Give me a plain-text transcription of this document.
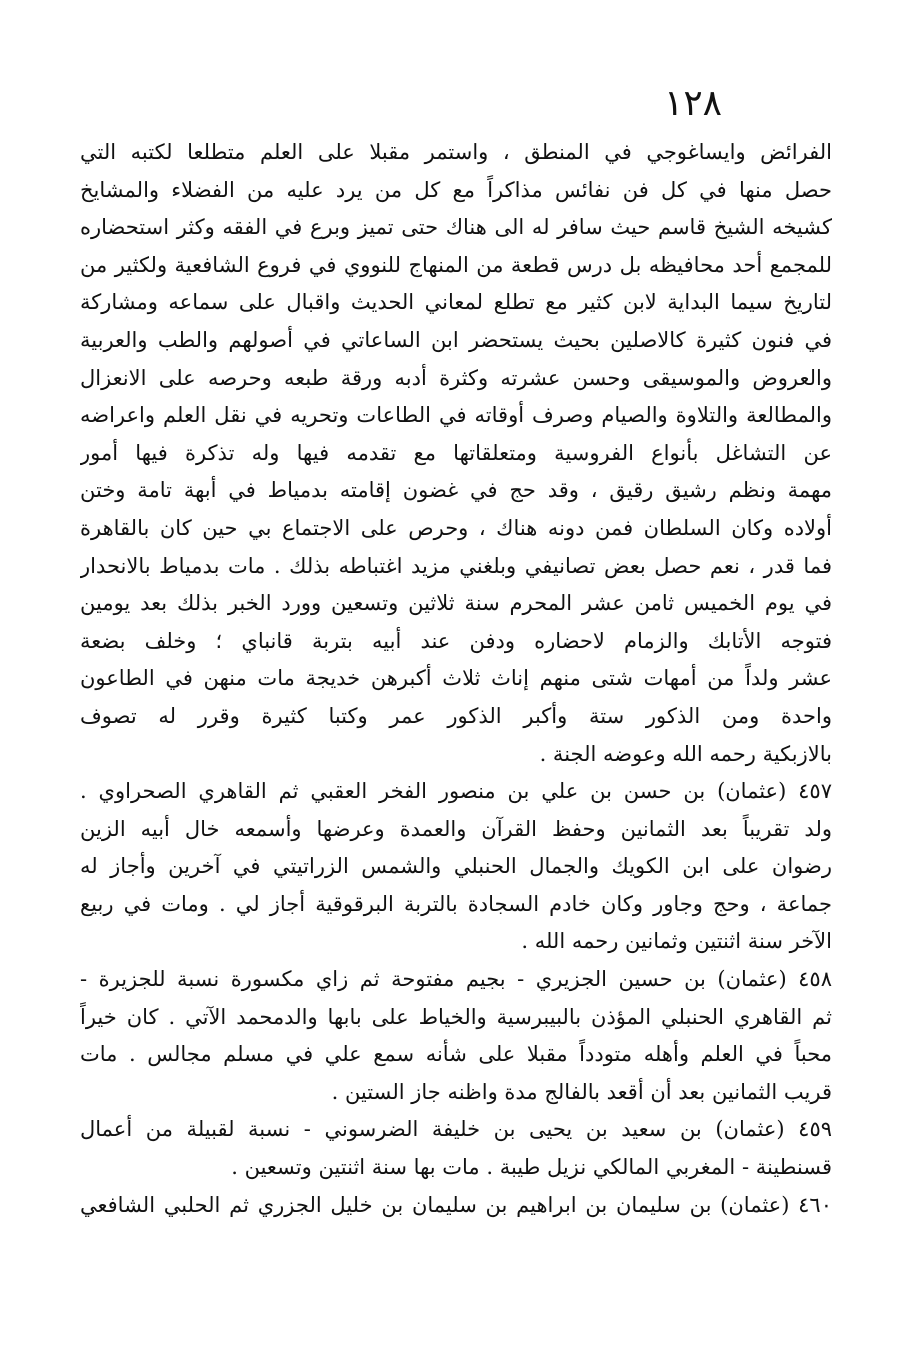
١٢٨
الفرائض وايساغوجي في المنطق ، واستمر مقبلا على العلم متطلعا لكتبه التي
حصل منها في كل فن نفائس مذاكراً مع كل من يرد عليه من الفضلاء والمشايخ
كشيخه الشيخ قاسم حيث سافر له الى هناك حتى تميز وبرع في الفقه وكثر استحضاره
للمجمع أحد محافيظه بل درس قطعة من المنهاج للنووي في فروع الشافعية ولكثير من
لتاريخ سيما البداية لابن كثير مع تطلع لمعاني الحديث واقبال على سماعه ومشاركة
في فنون كثيرة كالاصلين بحيث يستحضر ابن الساعاتي في أصولهم والطب والعربية
والعروض والموسيقى وحسن عشرته وكثرة أدبه ورقة طبعه وحرصه على الانعزال
والمطالعة والتلاوة والصيام وصرف أوقاته في الطاعات وتحريه في نقل العلم واعراضه
عن التشاغل بأنواع الفروسية ومتعلقاتها مع تقدمه فيها وله تذكرة فيها أمور
مهمة ونظم رشيق رقيق ، وقد حج في غضون إقامته بدمياط في أبهة تامة وختن
أولاده وكان السلطان فمن دونه هناك ، وحرص على الاجتماع بي حين كان بالقاهرة
فما قدر ، نعم حصل بعض تصانيفي وبلغني مزيد اغتباطه بذلك . مات بدمياط بالانحدار
في يوم الخميس ثامن عشر المحرم سنة ثلاثين وتسعين وورد الخبر بذلك بعد يومين
فتوجه الأتابك والزمام لاحضاره ودفن عند أبيه بتربة قانباي ؛ وخلف بضعة
عشر ولداً من أمهات شتى منهم إناث ثلاث أكبرهن خديجة مات منهن في الطاعون
واحدة ومن الذكور ستة وأكبر الذكور عمر وكتبا كثيرة وقرر له تصوف
بالازبكية رحمه الله وعوضه الجنة .
٤٥٧ (عثمان) بن حسن بن علي بن منصور الفخر العقبي ثم القاهري الصحراوي .
ولد تقريباً بعد الثمانين وحفظ القرآن والعمدة وعرضها وأسمعه خال أبيه الزين
رضوان على ابن الكويك والجمال الحنبلي والشمس الزراتيتي في آخرين وأجاز له
جماعة ، وحج وجاور وكان خادم السجادة بالتربة البرقوقية أجاز لي . ومات في ربيع
الآخر سنة اثنتين وثمانين رحمه الله .
٤٥٨ (عثمان) بن حسين الجزيري - بجيم مفتوحة ثم زاي مكسورة نسبة للجزيرة -
ثم القاهري الحنبلي المؤذن بالبيبرسية والخياط على بابها والدمحمد الآتي . كان خيراً
محباً في العلم وأهله متودداً مقبلا على شأنه سمع علي في مسلم مجالس . مات
قريب الثمانين بعد أن أقعد بالفالج مدة واظنه جاز الستين .
٤٥٩ (عثمان) بن سعيد بن يحيى بن خليفة الضرسوني - نسبة لقبيلة من أعمال
قسنطينة - المغربي المالكي نزيل طيبة . مات بها سنة اثنتين وتسعين .
٤٦٠ (عثمان) بن سليمان بن ابراهيم بن سليمان بن خليل الجزري ثم الحلبي الشافعي
